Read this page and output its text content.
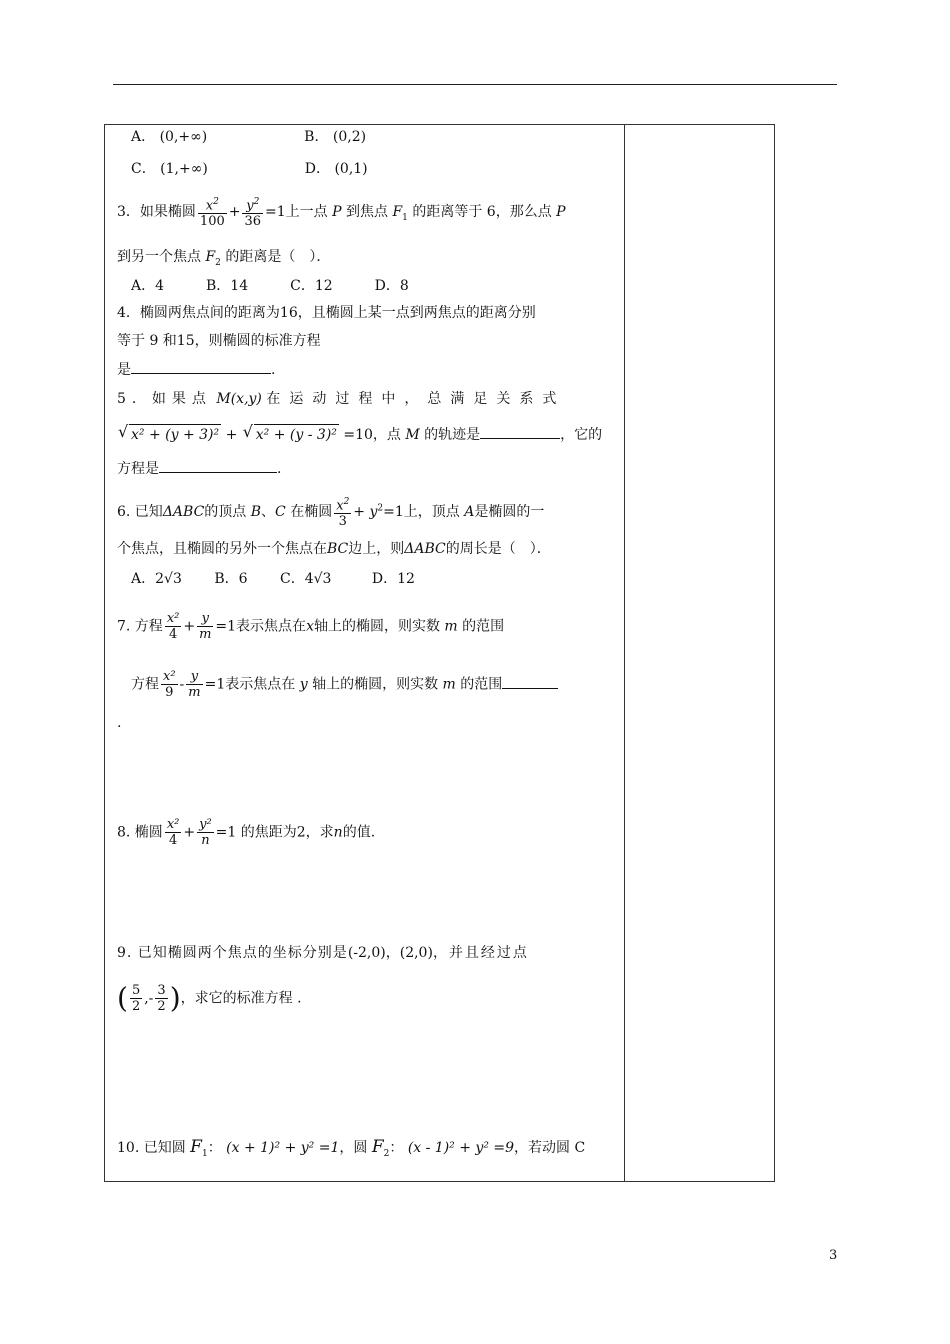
A． (0,+∞)	B． (0,2)
C． (1,+∞)	D． (0,1)
3．如果椭圆 $\frac{x^2}{100} + \frac{y^2}{36} =1$上一点 P 到焦点 $F_1$ 的距离等于 6，那么点 P
到另一个焦点 $F_2$ 的距离是（　）．
A．4　　　B．14　　　C．12　　　D．8
4．椭圆两焦点间的距离为16，且椭圆上某一点到两焦点的距离分别
等于 9 和15，则椭圆的标准方程
是	.
5．如果点 M(x,y) 在运动过程中，总满足关系式
√ x² + (y + 3)² + √ x² + (y - 3)² =10，点 M 的轨迹是	，它的
方程是	.
6. 已知ΔABC的顶点 B、C 在椭圆 $\frac{x^2}{3} + y^2=1$上，顶点 A是椭圆的一
个焦点，且椭圆的另外一个焦点在BC边上，则ΔABC的周长是（　）．
A．2√3 B．6 C．4√3	D．12
7. 方程 $\frac{\text{x²}}{4} + \frac{y}{m} =1$表示焦点在x轴上的椭圆，则实数 m 的范围
方程 $\frac{\text{x²}}{9} - \frac{y}{m} =1$表示焦点在 y 轴上的椭圆，则实数 m 的范围
.
8. 椭圆 $\frac{\text{x²}}{4} + \frac{\text{y²}}{n} =1$ 的焦距为2，求n的值.
9. 已知椭圆两个焦点的坐标分别是(-2,0)，(2,0)，并且经过点
( $\frac{5}{2}$ ,- $\frac{3}{2}$ )，求它的标准方程 .
10. 已知圆 $F_1$： (x + 1)² + y² =1，圆 $F_2$： (x - 1)² + y² =9，若动圆 C
3
